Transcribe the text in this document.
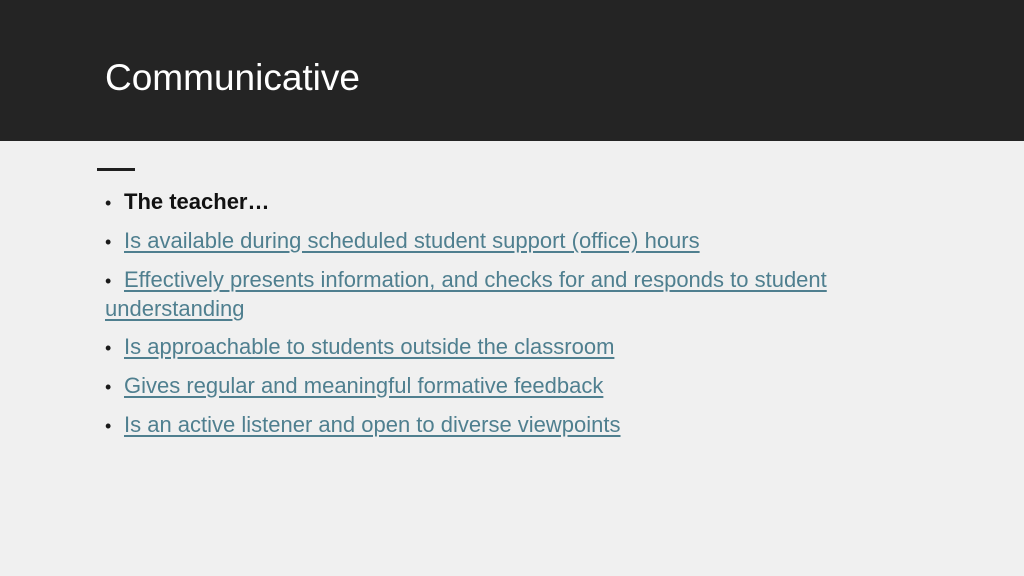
Communicative
• The teacher…
• Is available during scheduled student support (office) hours
• Effectively presents information, and checks for and responds to student understanding
• Is approachable to students outside the classroom
• Gives regular and meaningful formative feedback
• Is an active listener and open to diverse viewpoints
